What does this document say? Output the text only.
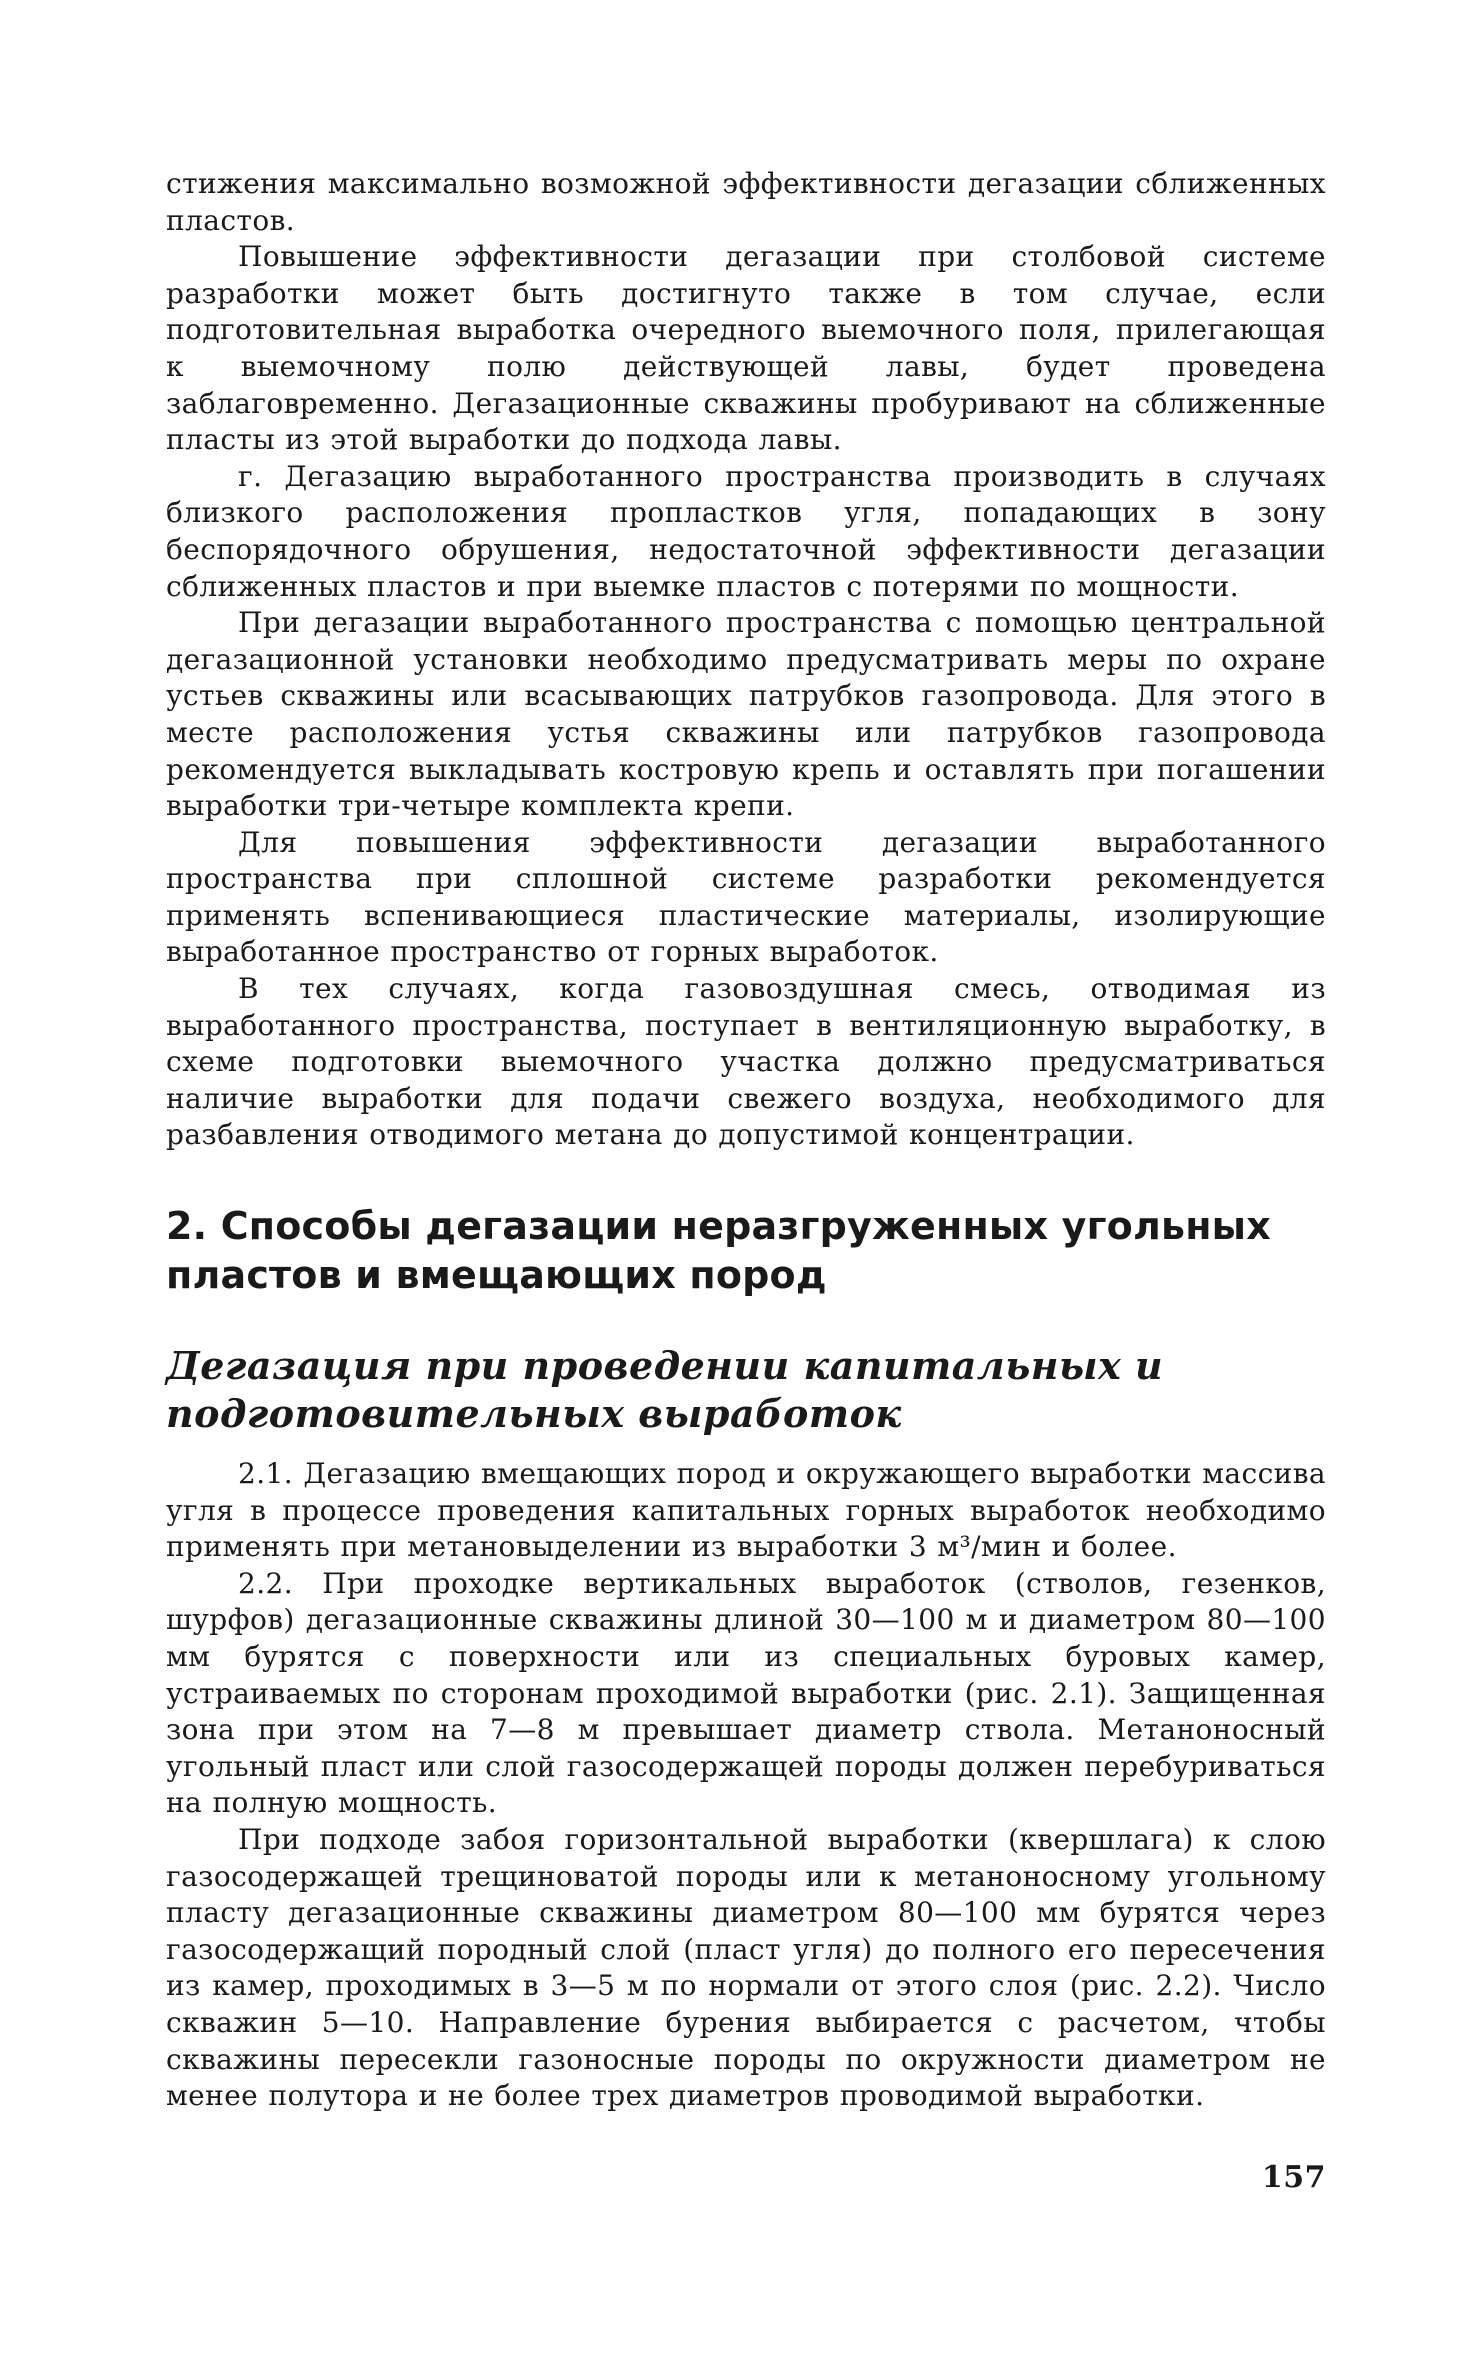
стижения максимально возможной эффективности дегазации сближенных пластов.

Повышение эффективности дегазации при столбовой системе разработки может быть достигнуто также в том случае, если подготовительная выработка очередного выемочного поля, прилегающая к выемочному полю действующей лавы, будет проведена заблаговременно. Дегазационные скважины пробуривают на сближенные пласты из этой выработки до подхода лавы.

г. Дегазацию выработанного пространства производить в случаях близкого расположения пропластков угля, попадающих в зону беспорядочного обрушения, недостаточной эффективности дегазации сближенных пластов и при выемке пластов с потерями по мощности.

При дегазации выработанного пространства с помощью центральной дегазационной установки необходимо предусматривать меры по охране устьев скважины или всасывающих патрубков газопровода. Для этого в месте расположения устья скважины или патрубков газопровода рекомендуется выкладывать костровую крепь и оставлять при погашении выработки три-четыре комплекта крепи.

Для повышения эффективности дегазации выработанного пространства при сплошной системе разработки рекомендуется применять вспенивающиеся пластические материалы, изолирующие выработанное пространство от горных выработок.

В тех случаях, когда газовоздушная смесь, отводимая из выработанного пространства, поступает в вентиляционную выработку, в схеме подготовки выемочного участка должно предусматриваться наличие выработки для подачи свежего воздуха, необходимого для разбавления отводимого метана до допустимой концентрации.

2. Способы дегазации неразгруженных угольных пластов и вмещающих пород
Дегазация при проведении капитальных и подготовительных выработок

2.1. Дегазацию вмещающих пород и окружающего выработки массива угля в процессе проведения капитальных горных выработок необходимо применять при метановыделении из выработки 3 м³/мин и более.

2.2. При проходке вертикальных выработок (стволов, гезенков, шурфов) дегазационные скважины длиной 30—100 м и диаметром 80—100 мм бурятся с поверхности или из специальных буровых камер, устраиваемых по сторонам проходимой выработки (рис. 2.1). Защищенная зона при этом на 7—8 м превышает диаметр ствола. Метаноносный угольный пласт или слой газосодержащей породы должен перебуриваться на полную мощность.

При подходе забоя горизонтальной выработки (квершлага) к слою газосодержащей трещиноватой породы или к метаноносному угольному пласту дегазационные скважины диаметром 80—100 мм бурятся через газосодержащий породный слой (пласт угля) до полного его пересечения из камер, проходимых в 3—5 м по нормали от этого слоя (рис. 2.2). Число скважин 5—10. Направление бурения выбирается с расчетом, чтобы скважины пересекли газоносные породы по окружности диаметром не менее полутора и не более трех диаметров проводимой выработки.

157
